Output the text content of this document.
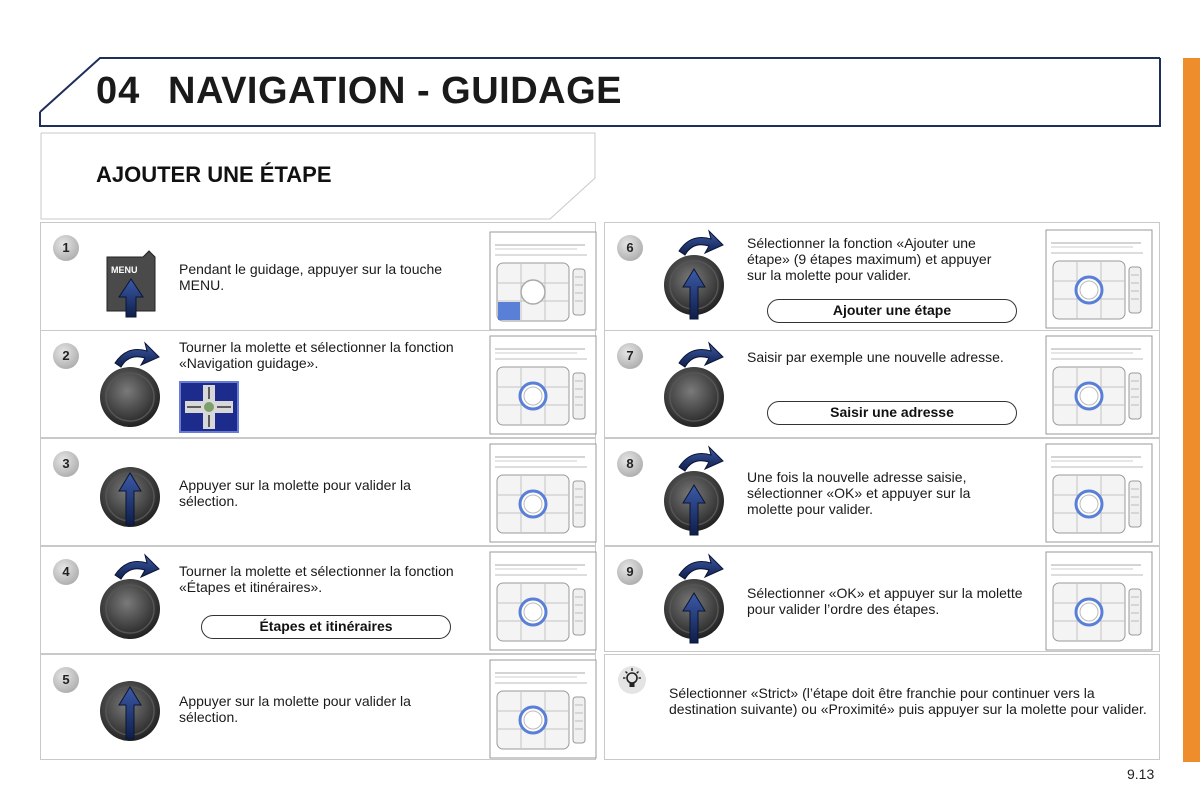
04 NAVIGATION - GUIDAGE
AJOUTER UNE ÉTAPE
1
MENU	Pendant le guidage, appuyer sur la touche MENU.
2
Tourner la molette et sélectionner la fonction «Navigation guidage».
3
Appuyer sur la molette pour valider la sélection.
4	Tourner la molette et sélectionner la fonction «Étapes et itinéraires».
Étapes et itinéraires
5
Appuyer sur la molette pour valider la sélection.
6	Sélectionner la fonction «Ajouter une étape» (9 étapes maximum) et appuyer sur la molette pour valider.
Ajouter une étape
7	Saisir par exemple une nouvelle adresse.
Saisir une adresse
8
Une fois la nouvelle adresse saisie, sélectionner «OK» et appuyer sur la molette pour valider.
9
Sélectionner «OK» et appuyer sur la molette pour valider l’ordre des étapes.
Sélectionner «Strict» (l’étape doit être franchie pour continuer vers la destination suivante) ou «Proximité» puis appuyer sur la molette pour valider.
9.13
